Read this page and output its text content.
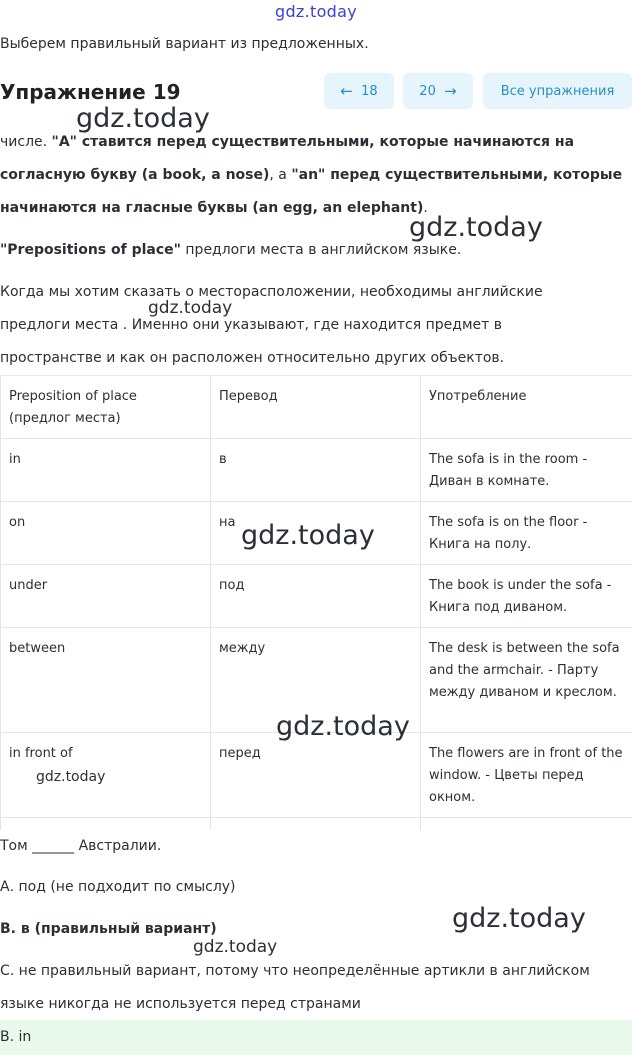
gdz.today
Выберем правильный вариант из предложенных.
Упражнение 19	←
18	20
→	Все упражнения
числе. "A" ставится перед существительными, которые начинаются на
согласную букву (a book, a nose), а "an" перед существительными, которые
начинаются на гласные буквы (an egg, an elephant).
"Prepositions of place" предлоги места в английском языке.
Когда мы хотим сказать о месторасположении, необходимы английские
предлоги места . Именно они указывают, где находится предмет в
пространстве и как он расположен относительно других объектов.
Preposition of place (предлог места)	Перевод	Употребление
in	в	The sofa is in the room - Диван в комнате.
on	на	The sofa is on the floor - Книга на полу.
under	под	The book is under the sofa - Книга под диваном.
between	между	The desk is between the sofa and the armchair. - Парту между диваном и креслом.
in front of	перед	The flowers are in front of the window. - Цветы перед окном.

Том ______ Австралии.
А. под (не подходит по смыслу)
В. в (правильный вариант)
С. не правильный вариант, потому что неопределённые артикли в английском
языке никогда не используется перед странами
B. in
gdz.today
gdz.today
gdz.today
gdz.today
gdz.today
gdz.today
gdz.today
gdz.today
